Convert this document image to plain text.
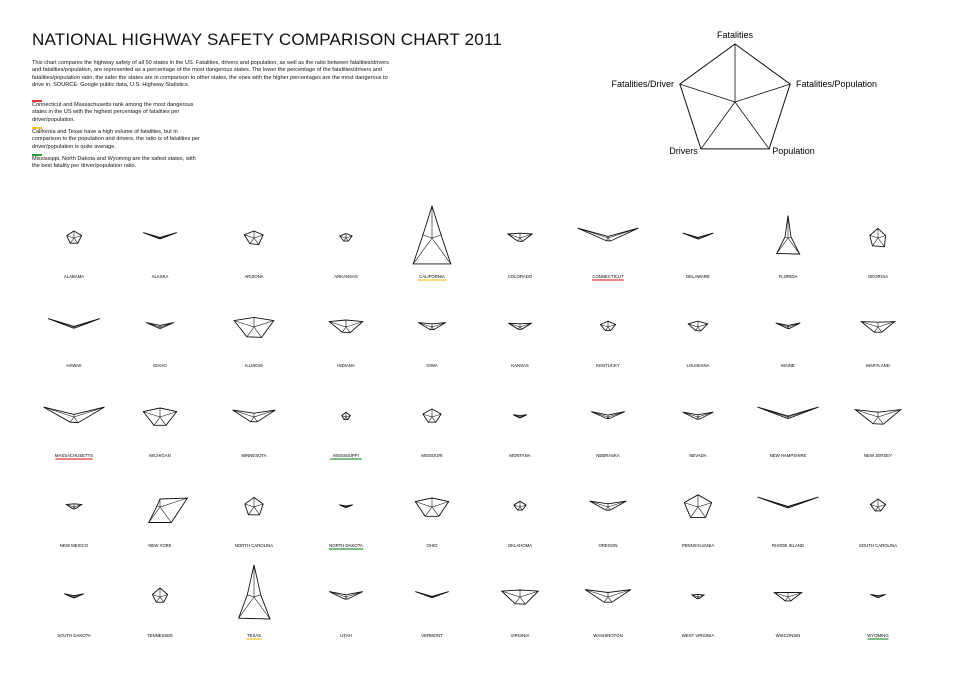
NATIONAL HIGHWAY SAFETY COMPARISON CHART 2011
This chart compares the highway safety of all 50 states in the US. Fatalities, drivers and population, as well as the ratio between fatalities/drivers and fatalities/population, are represented as a percentage of the most dangerous states. The lower the percentage of the fatalities/drivers and fatalities/population ratio, the safer the states are in comparison to other states, the ones with the higher percentages are the most dangerous to drive in. SOURCE: Google public data, U.S. Highway Statistics.
Connecticut and Massachusetts rank among the most dangerous states in the US with the highest percentage of fatalities per driver/population.
California and Texas have a high volume of fatalities, but in comparison to the population and drivers, the ratio is of fatalities per driver/population is quite average.
Mississippi, North Dakota and Wyoming are the safest states, with the best fatality per driver/population ratio.
Fatalities
Fatalities/Population
Population
Drivers
Fatalities/Driver
ALABAMA	ALASKA	ARIZONA	ARKANSAS	CALIFORNIA	COLORADO	CONNECTICUT	DELAWARE	FLORIDA	GEORGIA
HAWAII	IDAHO	ILLINOIS	INDIANA	IOWA	KANSAS	KENTUCKY	LOUISIANA	MAINE	MARYLAND
MASSACHUSETTS	MICHIGAN	MINNESOTA	MISSISSIPPI	MISSOURI	MONTANA	NEBRASKA	NEVADA	NEW HAMPSHIRE	NEW JERSEY
NEW MEXICO	NEW YORK	NORTH CAROLINA	NORTH DAKOTA	OHIO	OKLAHOMA	OREGON	PENNSYLVANIA	RHODE ISLAND	SOUTH CAROLINA
SOUTH DAKOTA	TENNESSEE	TEXAS	UTAH	VERMONT	VIRGINIA	WASHINGTON	WEST VIRGINIA	WISCONSIN	WYOMING
